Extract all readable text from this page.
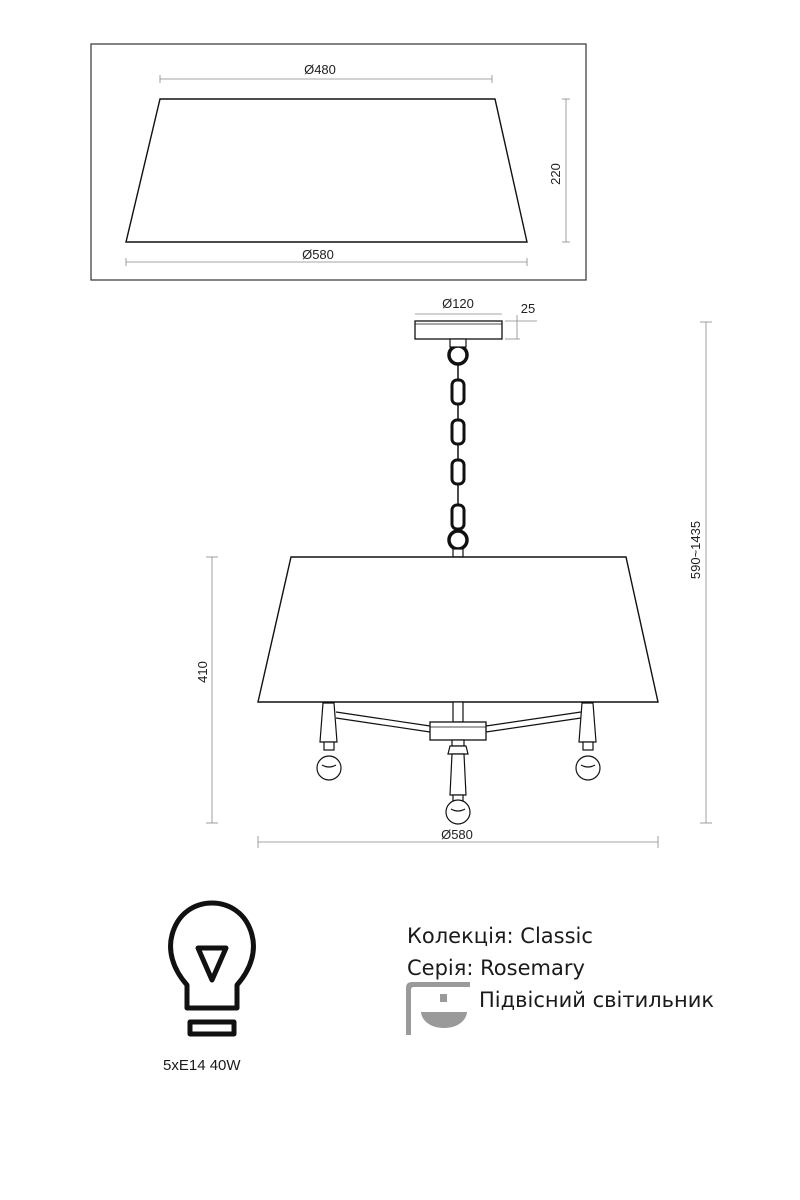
Ø480
Ø580
220
Ø120	25
590~1435
410
Ø580
5xE14 40W
Колекція: Classic
Серія: Rosemary
Підвісний світильник
